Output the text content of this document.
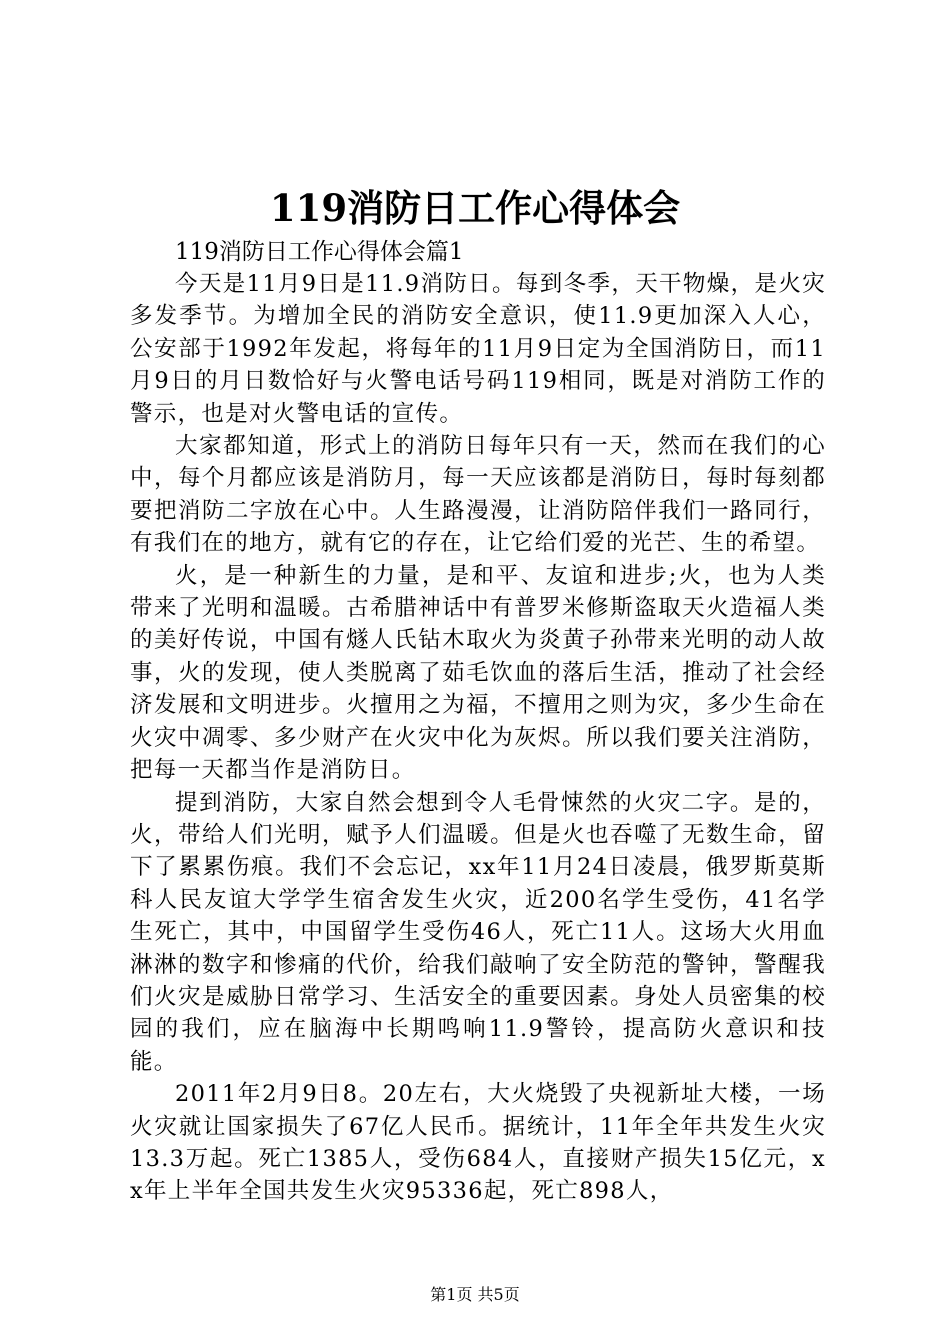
119消防日工作心得体会

119消防日工作心得体会篇1

今天是11月9日是11.9消防日。每到冬季，天干物燥，是火灾多发季节。为增加全民的消防安全意识，使11.9更加深入人心，公安部于1992年发起，将每年的11月9日定为全国消防日，而11月9日的月日数恰好与火警电话号码119相同，既是对消防工作的警示，也是对火警电话的宣传。

大家都知道，形式上的消防日每年只有一天，然而在我们的心中，每个月都应该是消防月，每一天应该都是消防日，每时每刻都要把消防二字放在心中。人生路漫漫，让消防陪伴我们一路同行，有我们在的地方，就有它的存在，让它给们爱的光芒、生的希望。

火，是一种新生的力量，是和平、友谊和进步;火，也为人类带来了光明和温暖。古希腊神话中有普罗米修斯盗取天火造福人类的美好传说，中国有燧人氏钻木取火为炎黄子孙带来光明的动人故事，火的发现，使人类脱离了茹毛饮血的落后生活，推动了社会经济发展和文明进步。火擅用之为福，不擅用之则为灾，多少生命在火灾中凋零、多少财产在火灾中化为灰烬。所以我们要关注消防，把每一天都当作是消防日。

提到消防，大家自然会想到令人毛骨悚然的火灾二字。是的，火，带给人们光明，赋予人们温暖。但是火也吞噬了无数生命，留下了累累伤痕。我们不会忘记，xx年11月24日凌晨，俄罗斯莫斯科人民友谊大学学生宿舍发生火灾，近200名学生受伤，41名学生死亡，其中，中国留学生受伤46人，死亡11人。这场大火用血淋淋的数字和惨痛的代价，给我们敲响了安全防范的警钟，警醒我们火灾是威胁日常学习、生活安全的重要因素。身处人员密集的校园的我们，应在脑海中长期鸣响11.9警铃，提高防火意识和技能。

2011年2月9日8。20左右，大火烧毁了央视新址大楼，一场火灾就让国家损失了67亿人民币。据统计，11年全年共发生火灾13.3万起。死亡1385人，受伤684人，直接财产损失15亿元，xx年上半年全国共发生火灾95336起，死亡898人，

第1页 共5页
